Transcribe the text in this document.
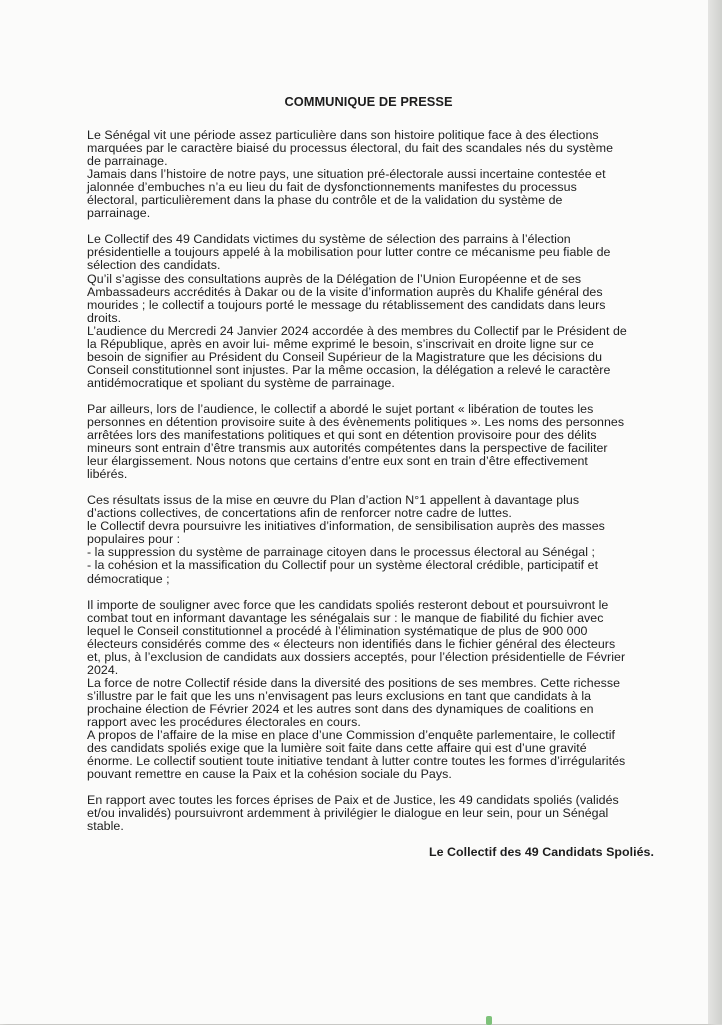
COMMUNIQUE DE PRESSE
Le Sénégal vit une période assez particulière dans son histoire politique face à des élections
marquées par le caractère biaisé du processus électoral, du fait des scandales nés du système
de parrainage.
Jamais dans l’histoire de notre pays, une situation pré-électorale aussi incertaine contestée et
jalonnée d’embuches n’a eu lieu du fait de dysfonctionnements manifestes du processus
électoral, particulièrement dans la phase du contrôle et de la validation du système de
parrainage.
Le Collectif des 49 Candidats victimes du système de sélection des parrains à l’élection
présidentielle a toujours appelé à la mobilisation pour lutter contre ce mécanisme peu fiable de
sélection des candidats.
Qu’il s’agisse des consultations auprès de la Délégation de l’Union Européenne et de ses
Ambassadeurs accrédités à Dakar ou de la visite d’information auprès du Khalife général des
mourides ; le collectif a toujours porté le message du rétablissement des candidats dans leurs
droits.
L’audience du Mercredi 24 Janvier 2024 accordée à des membres du Collectif par le Président de
la République, après en avoir lui- même exprimé le besoin, s’inscrivait en droite ligne sur ce
besoin de signifier au Président du Conseil Supérieur de la Magistrature que les décisions du
Conseil constitutionnel sont injustes. Par la même occasion, la délégation a relevé le caractère
antidémocratique et spoliant du système de parrainage.
Par ailleurs, lors de l’audience, le collectif a abordé le sujet portant « libération de toutes les
personnes en détention provisoire suite à des évènements politiques ». Les noms des personnes
arrêtées lors des manifestations politiques et qui sont en détention provisoire pour des délits
mineurs sont entrain d’être transmis aux autorités compétentes dans la perspective de faciliter
leur élargissement. Nous notons que certains d’entre eux sont en train d’être effectivement
libérés.
Ces résultats issus de la mise en œuvre du Plan d’action N°1 appellent à davantage plus
d’actions collectives, de concertations afin de renforcer notre cadre de luttes.
le Collectif devra poursuivre les initiatives d’information, de sensibilisation auprès des masses
populaires pour :
- la suppression du système de parrainage citoyen dans le processus électoral au Sénégal ;
- la cohésion et la massification du Collectif pour un système électoral crédible, participatif et
démocratique ;
Il importe de souligner avec force que les candidats spoliés resteront debout et poursuivront le
combat tout en informant davantage les sénégalais sur : le manque de fiabilité du fichier avec
lequel le Conseil constitutionnel a procédé à l’élimination systématique de plus de 900 000
électeurs considérés comme des « électeurs non identifiés dans le fichier général des électeurs
et, plus, à l’exclusion de candidats aux dossiers acceptés, pour l’élection présidentielle de Février
2024.
La force de notre Collectif réside dans la diversité des positions de ses membres. Cette richesse
s’illustre par le fait que les uns n’envisagent pas leurs exclusions en tant que candidats à la
prochaine élection de Février 2024 et les autres sont dans des dynamiques de coalitions en
rapport avec les procédures électorales en cours.
A propos de l’affaire de la mise en place d’une Commission d’enquête parlementaire, le collectif
des candidats spoliés exige que la lumière soit faite dans cette affaire qui est d’une gravité
énorme. Le collectif soutient toute initiative tendant à lutter contre toutes les formes d’irrégularités
pouvant remettre en cause la Paix et la cohésion sociale du Pays.
En rapport avec toutes les forces éprises de Paix et de Justice, les 49 candidats spoliés (validés
et/ou invalidés) poursuivront ardemment à privilégier le dialogue en leur sein, pour un Sénégal
stable.
Le Collectif des 49 Candidats Spoliés.
